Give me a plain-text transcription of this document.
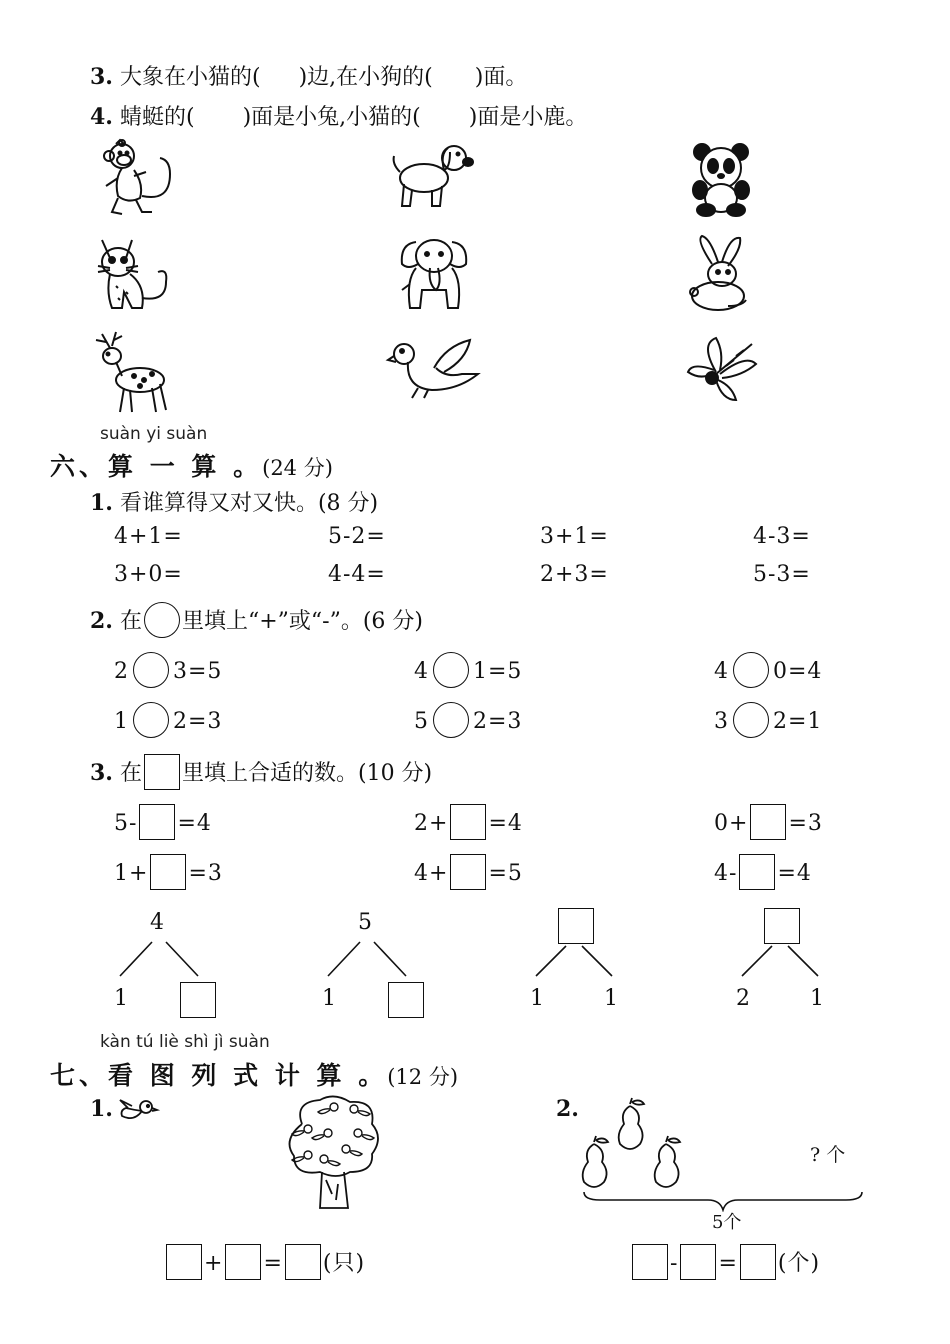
3. 大象在小猫的( )边,在小狗的( )面。
4. 蜻蜓的( )面是小兔,小猫的( )面是小鹿。
suàn yi suàn
六、算 一 算 。(24 分)
1. 看谁算得又对又快。(8 分)
4+1=	5-2=	3+1=	4-3=
3+0=	4-4=	2+3=	5-3=
2. 在 里填上“+”或“-”。(6 分)
2 3=5	4 1=5	4 0=4
1 2=3	5 2=3	3 2=1
3. 在 里填上合适的数。(10 分)
5- =4	2+ =4	0+ =3
1+ =3	4+ =5	4- =4
4
1
5
1	1	1	2	1
kàn tú liè shì jì suàn
七、看 图 列 式 计 算 。(12 分)
1.
+ = (只)
2.
? 个
5个
- = (个)
